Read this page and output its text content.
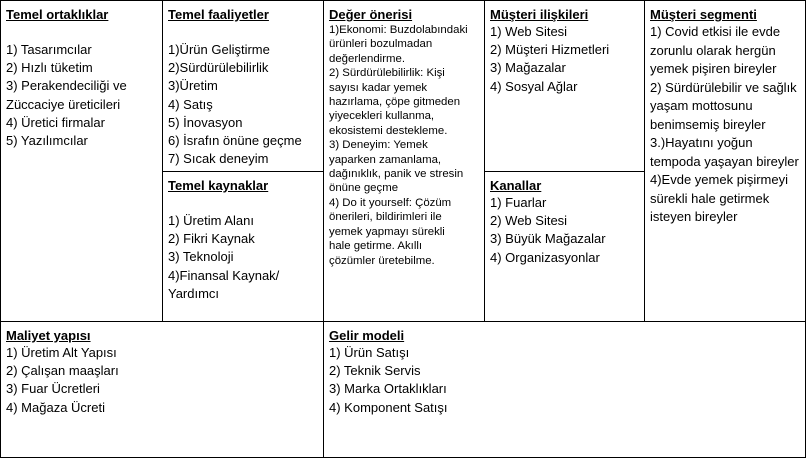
Temel ortaklıklar
1) Tasarımcılar
2) Hızlı tüketim
3) Perakendeciliği ve
Züccaciye üreticileri
4) Üretici firmalar
5) Yazılımcılar
Temel faaliyetler
1)Ürün Geliştirme
2)Sürdürülebilirlik
3)Üretim
4) Satış
5) İnovasyon
6) İsrafın önüne geçme
7) Sıcak deneyim
Temel kaynaklar
1) Üretim Alanı
2) Fikri Kaynak
3) Teknoloji
4)Finansal Kaynak/
Yardımcı
Değer önerisi
1)Ekonomi: Buzdolabındaki
ürünleri bozulmadan
değerlendirme.
2) Sürdürülebilirlik: Kişi
sayısı kadar yemek
hazırlama, çöpe gitmeden
yiyecekleri kullanma,
ekosistemi destekleme.
3) Deneyim: Yemek
yaparken zamanlama,
dağınıklık, panik ve stresin
önüne geçme
4) Do it yourself: Çözüm
önerileri, bildirimleri ile
yemek yapmayı sürekli
hale getirme. Akıllı
çözümler üretebilme.
Müşteri ilişkileri
1) Web Sitesi
2) Müşteri Hizmetleri
3) Mağazalar
4) Sosyal Ağlar
Kanallar
1) Fuarlar
2) Web Sitesi
3) Büyük Mağazalar
4) Organizasyonlar
Müşteri segmenti
1) Covid etkisi ile evde zorunlu olarak hergün yemek pişiren bireyler
2) Sürdürülebilir ve sağlık yaşam mottosunu benimsemiş bireyler
3.)Hayatını yoğun tempoda yaşayan bireyler
4)Evde yemek pişirmeyi sürekli hale getirmek isteyen bireyler
Maliyet yapısı
1) Üretim Alt Yapısı
2) Çalışan maaşları
3) Fuar Ücretleri
4) Mağaza Ücreti
Gelir modeli
1) Ürün Satışı
2) Teknik Servis
3) Marka Ortaklıkları
4) Komponent Satışı
